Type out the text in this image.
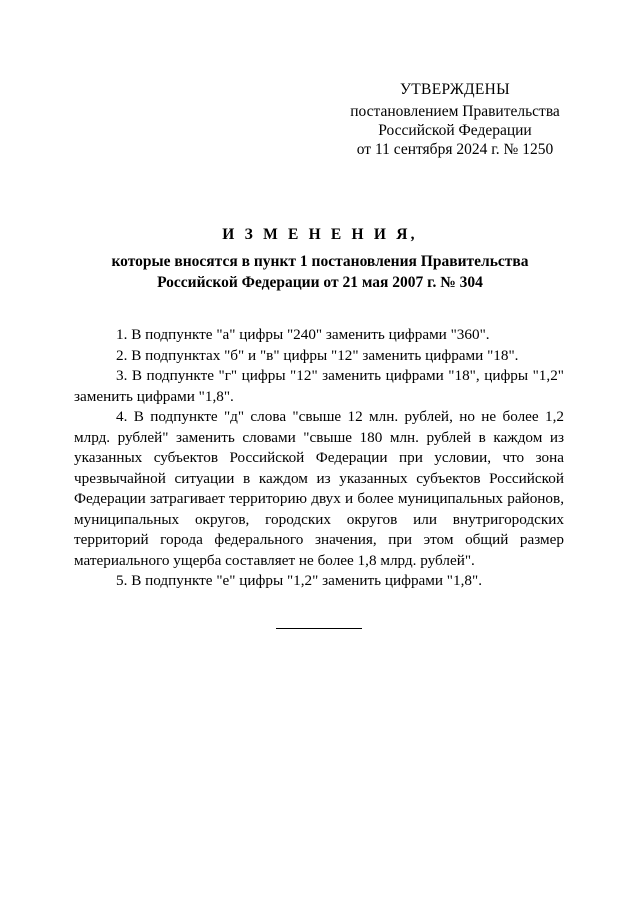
УТВЕРЖДЕНЫ
постановлением Правительства
Российской Федерации
от 11 сентября 2024 г. № 1250
И З М Е Н Е Н И Я,
которые вносятся в пункт 1 постановления Правительства
Российской Федерации от 21 мая 2007 г. № 304

1. В подпункте "а" цифры "240" заменить цифрами "360".

2. В подпунктах "б" и "в" цифры "12" заменить цифрами "18".

3. В подпункте "г" цифры "12" заменить цифрами "18", цифры "1,2" заменить цифрами "1,8".

4. В подпункте "д" слова "свыше 12 млн. рублей, но не более 1,2 млрд. рублей" заменить словами "свыше 180 млн. рублей в каждом из указанных субъектов Российской Федерации при условии, что зона чрезвычайной ситуации в каждом из указанных субъектов Российской Федерации затрагивает территорию двух и более муниципальных районов, муниципальных округов, городских округов или внутригородских территорий города федерального значения, при этом общий размер материального ущерба составляет не более 1,8 млрд. рублей".

5. В подпункте "е" цифры "1,2" заменить цифрами "1,8".
